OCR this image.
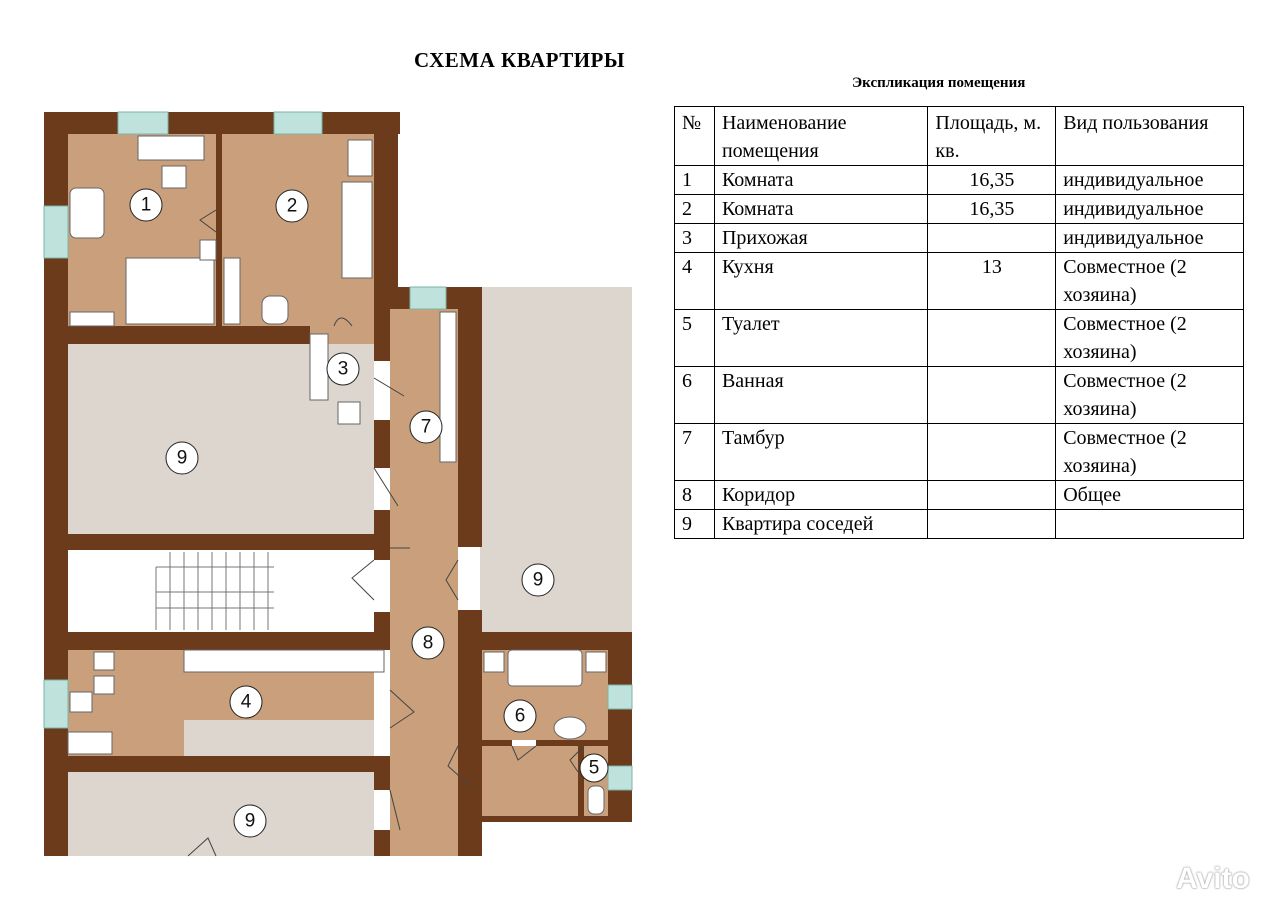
СХЕМА КВАРТИРЫ
1	2
3
7
9
9
8
4
6
5
9
Экспликация помещения
№	Наименование помещения	Площадь, м. кв.	Вид пользования
1	Комната	16,35	индивидуальное
2	Комната	16,35	индивидуальное
3	Прихожая		индивидуальное
4	Кухня	13	Совместное (2 хозяина)
5	Туалет		Совместное (2 хозяина)
6	Ванная		Совместное (2 хозяина)
7	Тамбур		Совместное (2 хозяина)
8	Коридор		Общее
9	Квартира соседей		
Avito
